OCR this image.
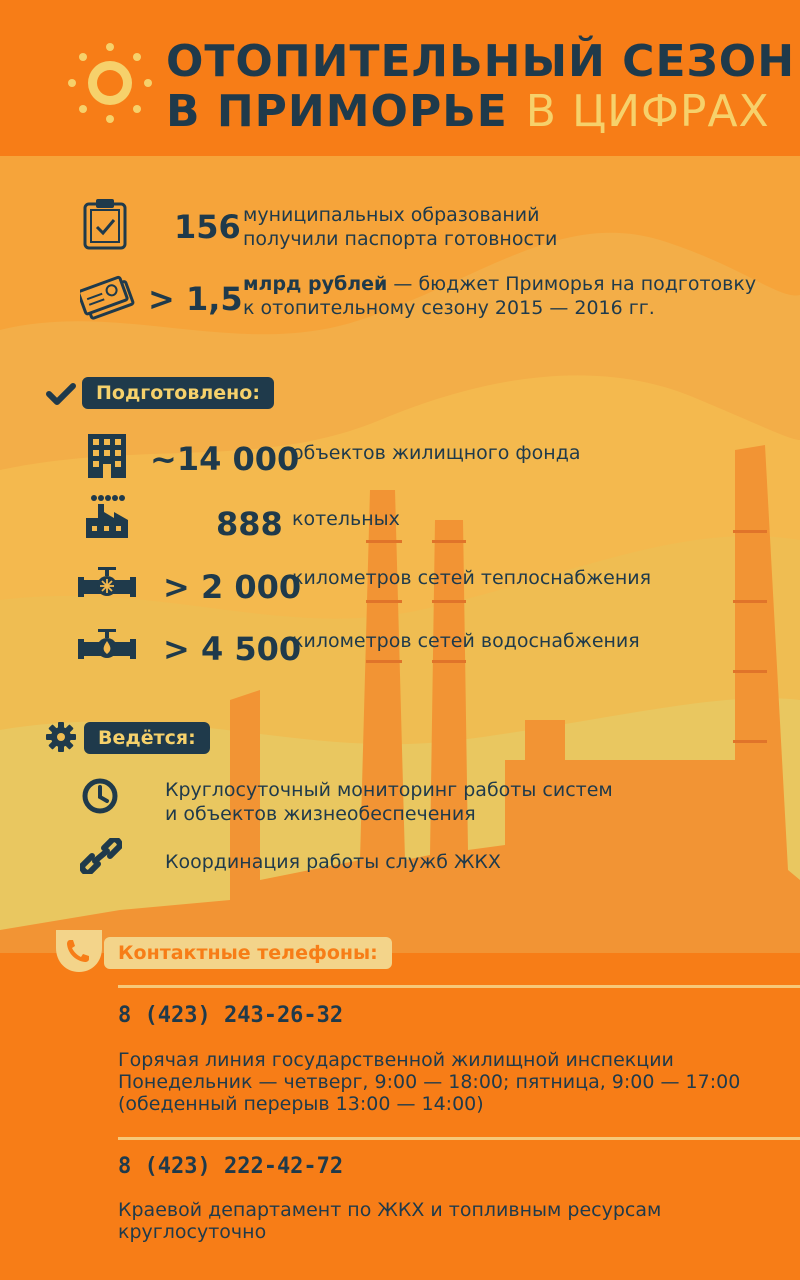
ОТОПИТЕЛЬНЫЙ СЕЗОН
В ПРИМОРЬЕ В ЦИФРАХ
156 муниципальных образований
получили паспорта готовности
> 1,5 млрд рублей — бюджет Приморья на подготовку
к отопительному сезону 2015 — 2016 гг.
Подготовлено:
~14 000
объектов жилищного фонда
888 котельных
> 2 000
километров сетей теплоснабжения
> 4 500
километров сетей водоснабжения
Ведётся:
Круглосуточный мониторинг работы систем
и объектов жизнеобеспечения
Координация работы служб ЖКХ
Контактные телефоны:
8 (423) 243-26-32
Горячая линия государственной жилищной инспекции
Понедельник — четверг, 9:00 — 18:00; пятница, 9:00 — 17:00
(обеденный перерыв 13:00 — 14:00)
8 (423) 222-42-72
Краевой департамент по ЖКХ и топливным ресурсам
круглосуточно
